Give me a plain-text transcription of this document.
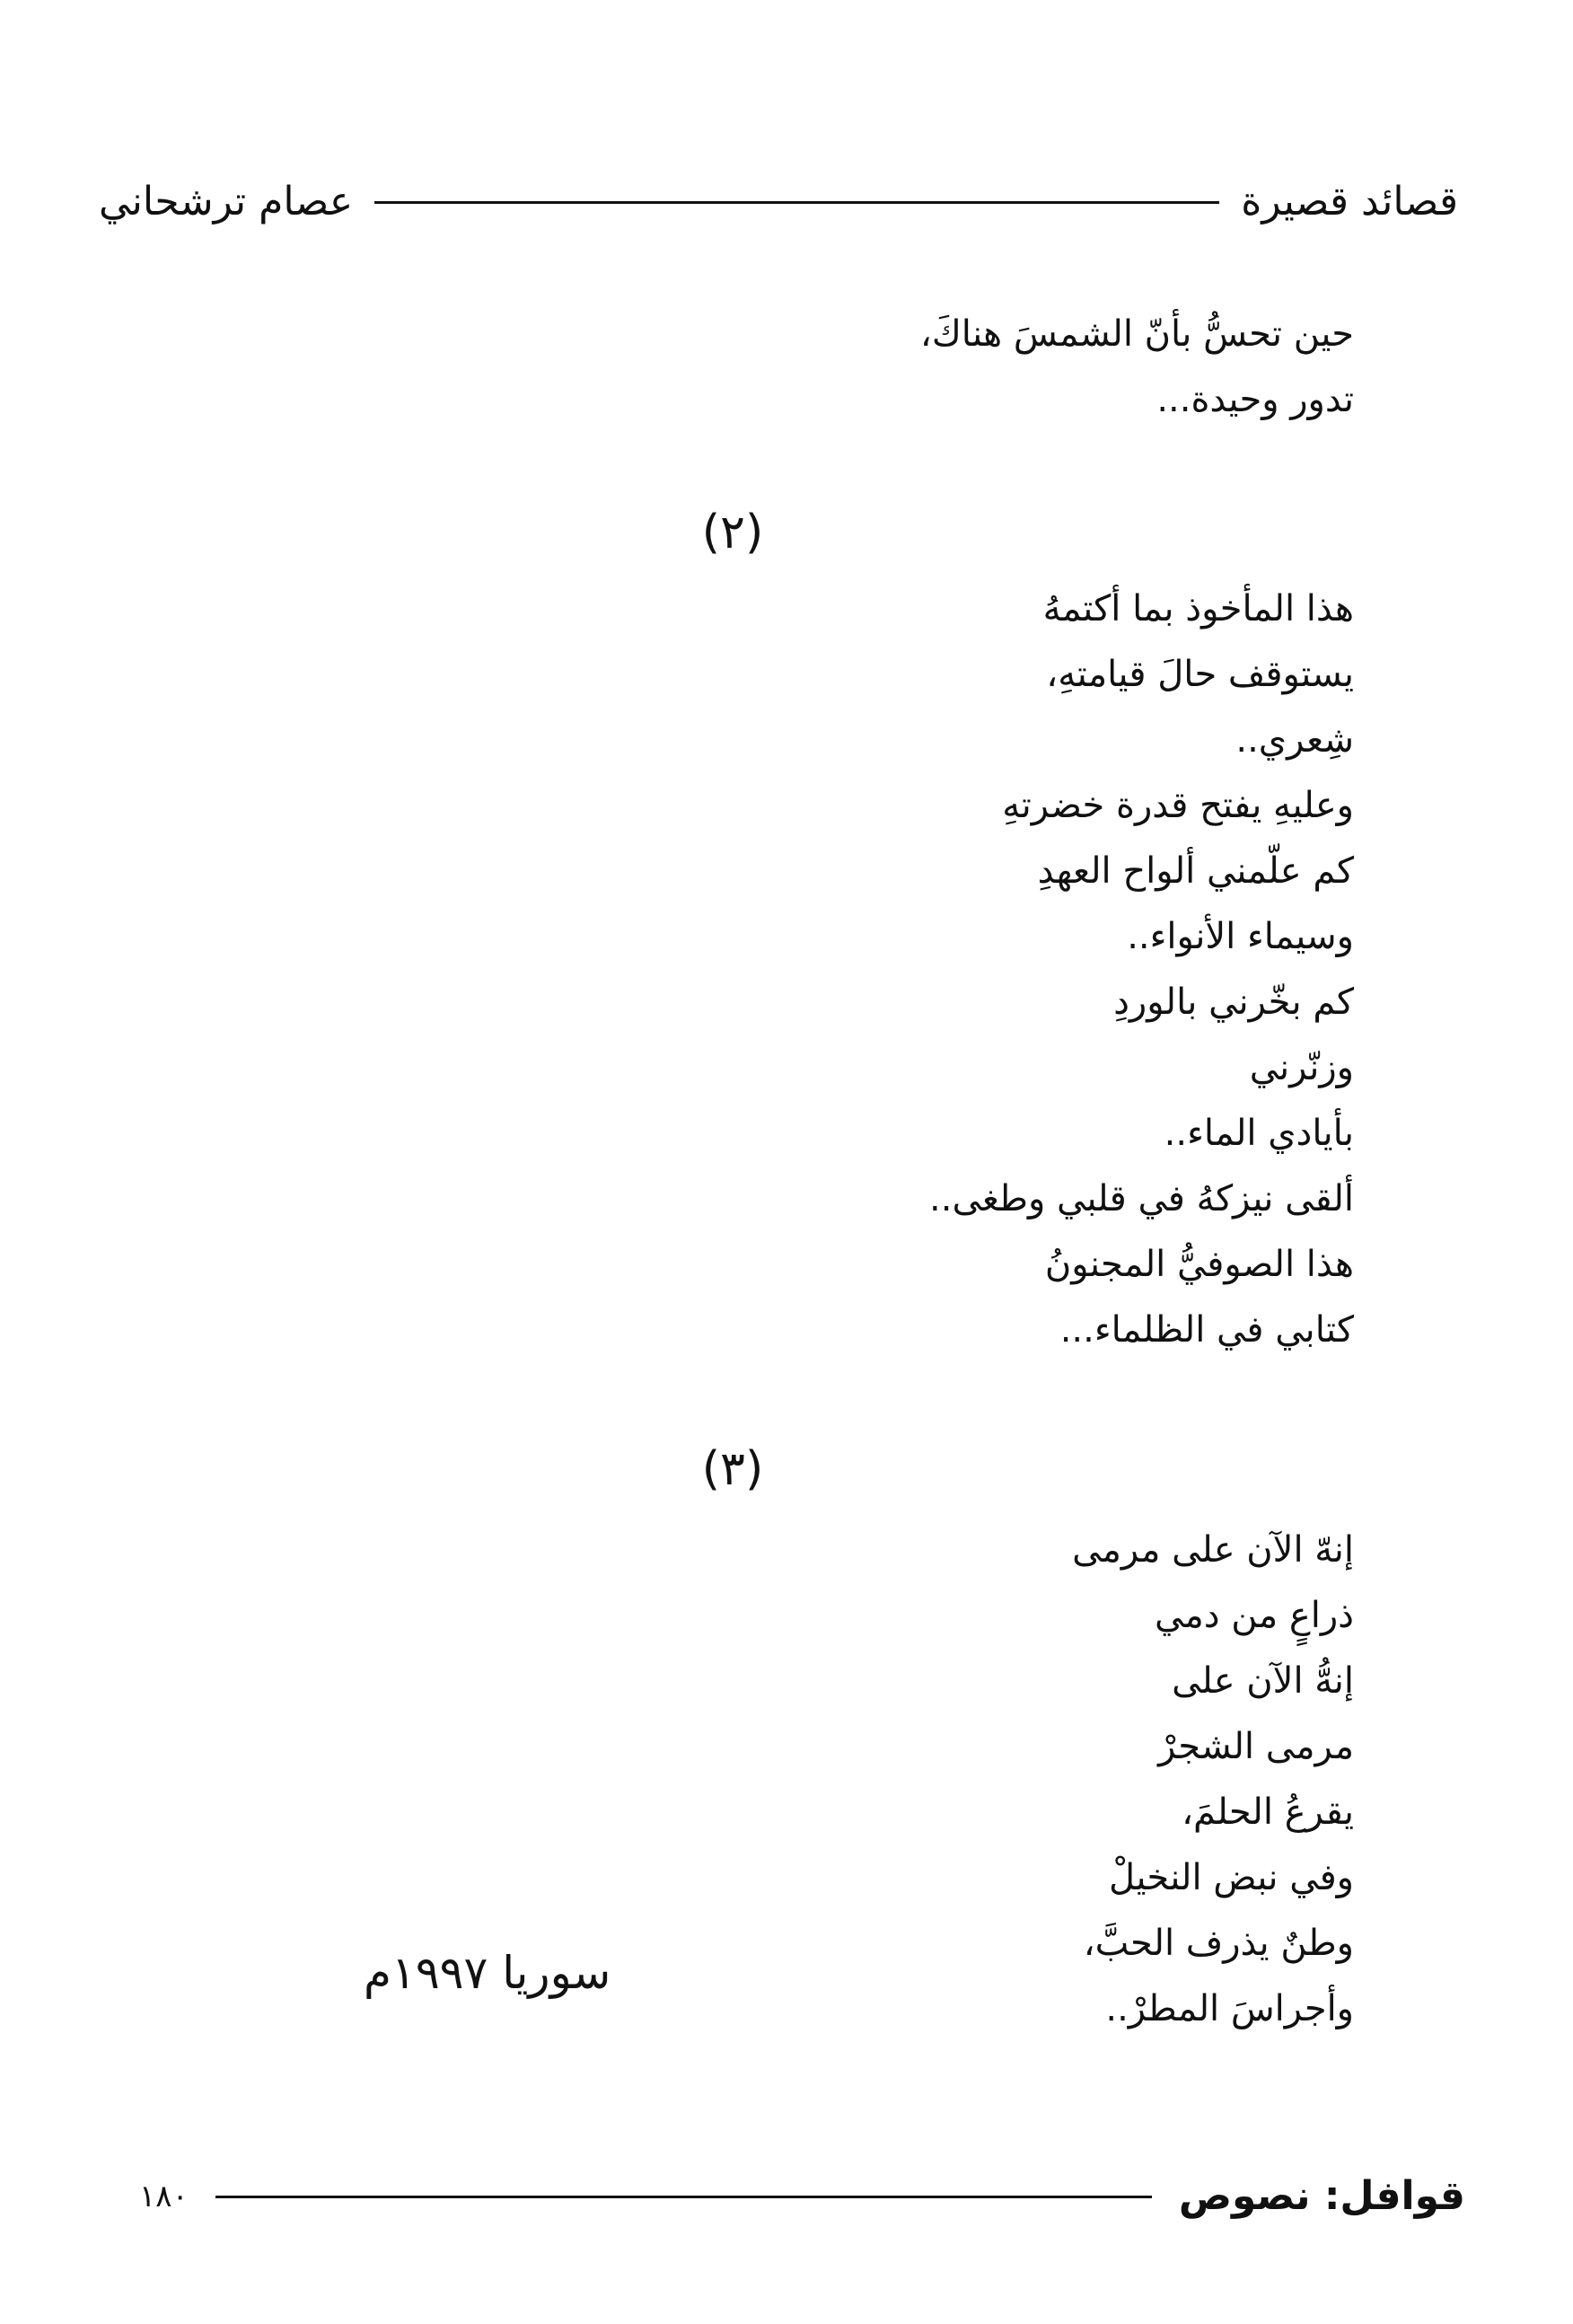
قصائد قصيرة
عصام ترشحاني

حين تحسُّ بأنّ الشمسَ هناكَ،

تدور وحيدة...

(٢)

هذا المأخوذ بما أكتمهُ

يستوقف حالَ قيامتهِ،

شِعري..

وعليهِ يفتح قدرة خضرتهِ

كم علّمني ألواح العهدِ

وسيماء الأنواء..

كم بخّرني بالوردِ

وزنّرني

بأيادي الماء..

ألقى نيزكهُ في قلبي وطغى..

هذا الصوفيُّ المجنونُ

كتابي في الظلماء...

(٣)

إنهّ الآن على مرمى

ذراعٍ من دمي

إنهُّ الآن على

مرمى الشجرْ

يقرعُ الحلمَ،

وفي نبض النخيلْ

وطنٌ يذرف الحبَّ،

وأجراسَ المطرْ..

سوريا ١٩٩٧م
قوافل: نصوص
١٨٠
